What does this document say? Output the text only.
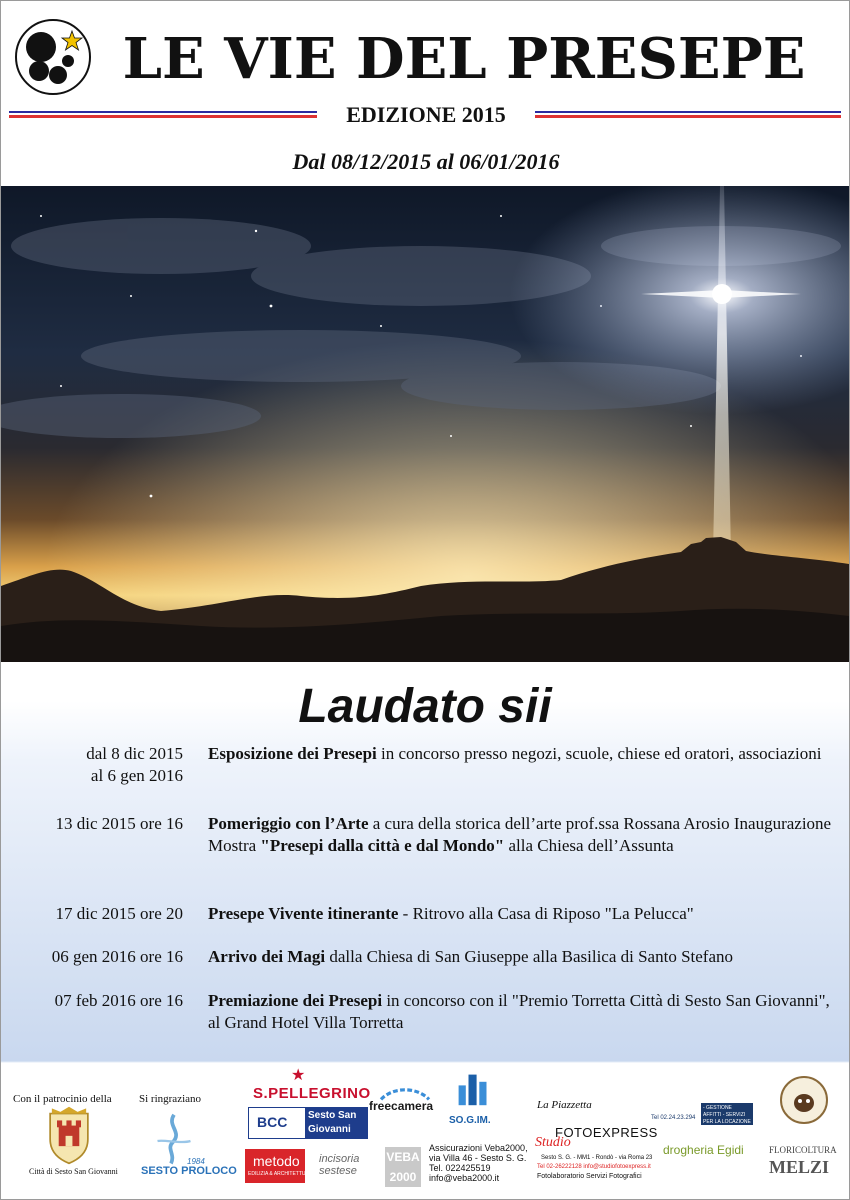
LE VIE DEL PRESEPE
EDIZIONE 2015
Dal 08/12/2015 al 06/01/2016
Laudato sii
dal 8 dic 2015
al 6 gen 2016
Esposizione dei Presepi in concorso presso negozi, scuole, chiese ed oratori, associazioni
13 dic 2015 ore 16 Pomeriggio con l’Arte a cura della storica dell’arte prof.ssa Rossana Arosio Inaugurazione Mostra "Presepi dalla città e dal Mondo" alla Chiesa dell’Assunta
17 dic 2015 ore 20 Presepe Vivente itinerante - Ritrovo alla Casa di Riposo "La Pelucca"
06 gen 2016 ore 16 Arrivo dei Magi dalla Chiesa di San Giuseppe alla Basilica di Santo Stefano
07 feb 2016 ore 16 Premiazione dei Presepi in concorso con il "Premio Torretta Città di Sesto San Giovanni", al Grand Hotel Villa Torretta
Con il patrocinio della
Città di Sesto San Giovanni
Si ringraziano
SESTO PROLOCO
1984
★
S.PELLEGRINO
BCC	Sesto San Giovanni
metodo
EDILIZIA & ARCHITETTURA
freecamera
incisoria sestese
SO.G.IM.
VEBA 2000
Assicurazioni Veba2000,
via Villa 46 - Sesto S. G.
Tel. 022425519
info@veba2000.it
La Piazzetta
FOTOEXPRESS
Studio
Sesto S. G. - MM1 - Rondò - via Roma 23
Tel 02-26222128 info@studiofotoexpress.it
Fotolaboratorio Servizi Fotografici
Tel 02.24.23.294
- GESTIONE AFFITTI - SERVIZI PER LA LOCAZIONE
drogheria Egidi	FLORICOLTURA
MELZI
